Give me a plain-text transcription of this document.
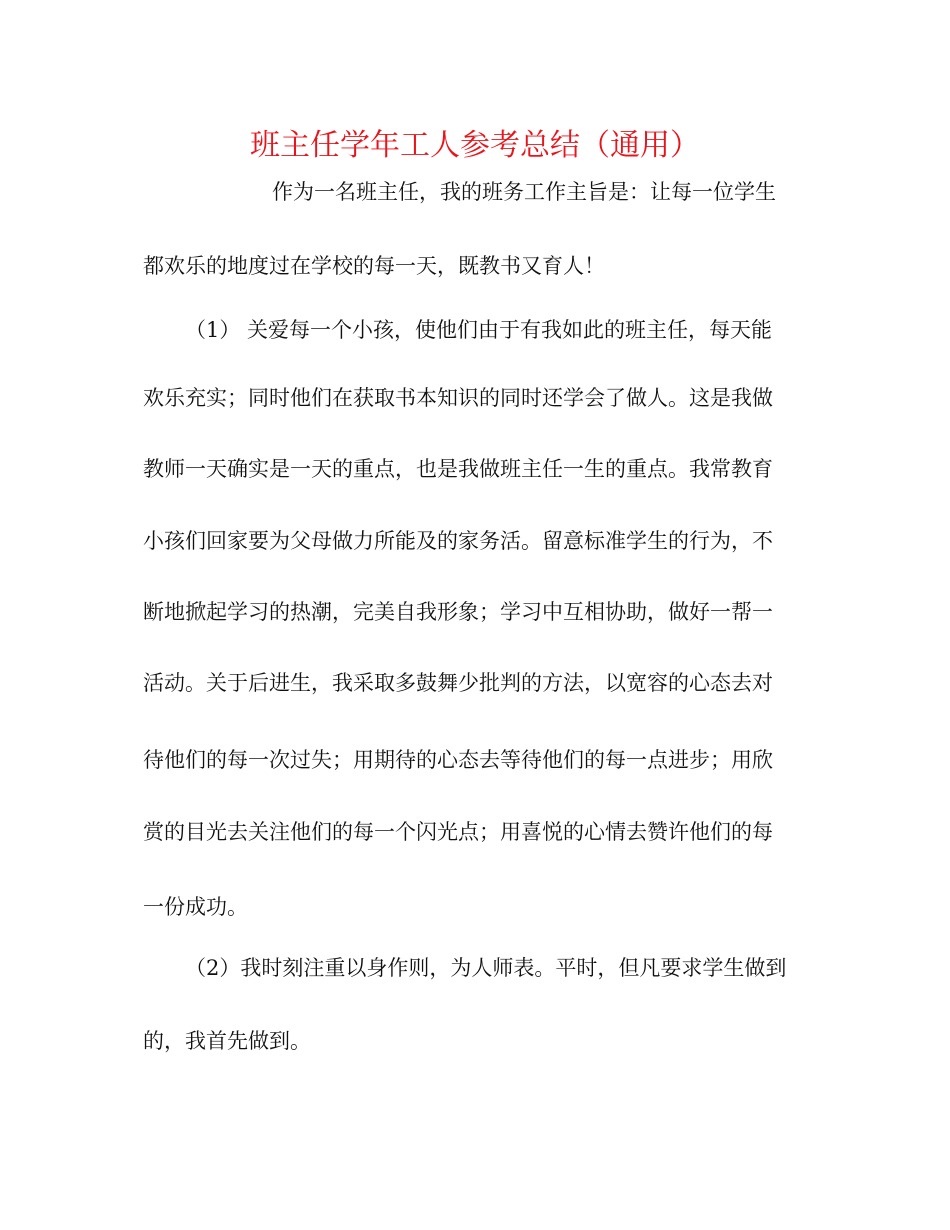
班主任学年工人参考总结（通用）
作为一名班主任，我的班务工作主旨是：让每一位学生
都欢乐的地度过在学校的每一天，既教书又育人！
（1） 关爱每一个小孩，使他们由于有我如此的班主任，每天能
欢乐充实；同时他们在获取书本知识的同时还学会了做人。这是我做
教师一天确实是一天的重点，也是我做班主任一生的重点。我常教育
小孩们回家要为父母做力所能及的家务活。留意标准学生的行为，不
断地掀起学习的热潮，完美自我形象；学习中互相协助，做好一帮一
活动。关于后进生，我采取多鼓舞少批判的方法，以宽容的心态去对
待他们的每一次过失；用期待的心态去等待他们的每一点进步；用欣
赏的目光去关注他们的每一个闪光点；用喜悦的心情去赞许他们的每
一份成功。
（2）我时刻注重以身作则，为人师表。平时，但凡要求学生做到
的，我首先做到。
